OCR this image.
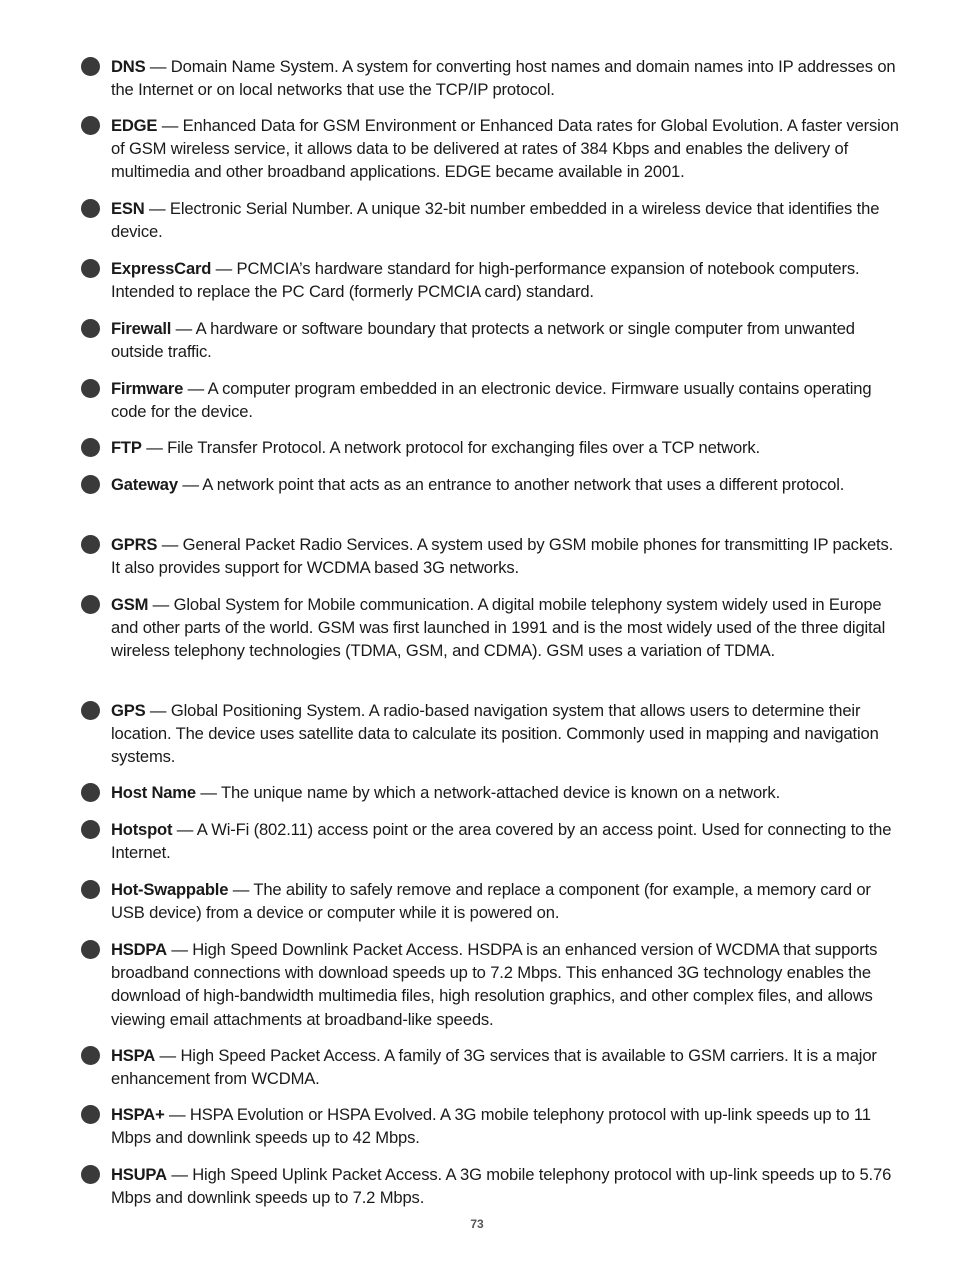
DNS — Domain Name System. A system for converting host names and domain names into IP addresses on the Internet or on local networks that use the TCP/IP protocol.
EDGE — Enhanced Data for GSM Environment or Enhanced Data rates for Global Evolution. A faster version of GSM wireless service, it allows data to be delivered at rates of 384 Kbps and enables the delivery of multimedia and other broadband applications. EDGE became available in 2001.
ESN — Electronic Serial Number. A unique 32-bit number embedded in a wireless device that identifies the device.
ExpressCard — PCMCIA’s hardware standard for high-performance expansion of notebook computers. Intended to replace the PC Card (formerly PCMCIA card) standard.
Firewall — A hardware or software boundary that protects a network or single computer from unwanted outside traffic.
Firmware — A computer program embedded in an electronic device. Firmware usually contains operating code for the device.
FTP — File Transfer Protocol. A network protocol for exchanging files over a TCP network.
Gateway — A network point that acts as an entrance to another network that uses a different protocol.
GPRS — General Packet Radio Services. A system used by GSM mobile phones for transmitting IP packets. It also provides support for WCDMA based 3G networks.
GSM — Global System for Mobile communication. A digital mobile telephony system widely used in Europe and other parts of the world. GSM was first launched in 1991 and is the most widely used of the three digital wireless telephony technologies (TDMA, GSM, and CDMA). GSM uses a variation of TDMA.
GPS — Global Positioning System. A radio-based navigation system that allows users to determine their location. The device uses satellite data to calculate its position. Commonly used in mapping and navigation systems.
Host Name — The unique name by which a network-attached device is known on a network.
Hotspot — A Wi-Fi (802.11) access point or the area covered by an access point. Used for connecting to the Internet.
Hot-Swappable — The ability to safely remove and replace a component (for example, a memory card or USB device) from a device or computer while it is powered on.
HSDPA — High Speed Downlink Packet Access. HSDPA is an enhanced version of WCDMA that supports broadband connections with download speeds up to 7.2 Mbps. This enhanced 3G technology enables the download of high-bandwidth multimedia files, high resolution graphics, and other complex files, and allows viewing email attachments at broadband-like speeds.
HSPA — High Speed Packet Access. A family of 3G services that is available to GSM carriers. It is a major enhancement from WCDMA.
HSPA+ — HSPA Evolution or HSPA Evolved. A 3G mobile telephony protocol with up-link speeds up to 11 Mbps and downlink speeds up to 42 Mbps.
HSUPA — High Speed Uplink Packet Access. A 3G mobile telephony protocol with up-link speeds up to 5.76 Mbps and downlink speeds up to 7.2 Mbps.
73
